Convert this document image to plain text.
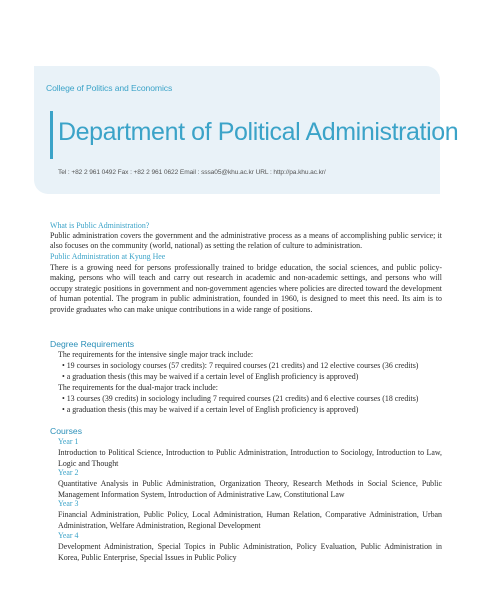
College of Politics and Economics
Department of Political Administration
Tel : +82 2 961 0492 Fax : +82 2 961 0622 Email : sssa05@khu.ac.kr URL : http://pa.khu.ac.kr/
What is Public Administration?
Public administration covers the government and the administrative process as a means of accomplishing public service; it also focuses on the community (world, national) as setting the relation of culture to administration.
Public Administration at Kyung Hee
There is a growing need for persons professionally trained to bridge education, the social sciences, and public policy-making, persons who will teach and carry out research in academic and non-academic settings, and persons who will occupy strategic positions in government and non-government agencies where policies are directed toward the development of human potential. The program in public administration, founded in 1960, is designed to meet this need. Its aim is to provide graduates who can make unique contributions in a wide range of positions.
Degree Requirements
The requirements for the intensive single major track include:
• 19 courses in sociology courses (57 credits): 7 required courses (21 credits) and 12 elective courses (36 credits)
• a graduation thesis (this may be waived if a certain level of English proficiency is approved)
The requirements for the dual-major track include:
• 13 courses (39 credits) in sociology including 7 required courses (21 credits) and 6 elective courses (18 credits)
• a graduation thesis (this may be waived if a certain level of English proficiency is approved)
Courses
Year 1
Introduction to Political Science, Introduction to Public Administration, Introduction to Sociology, Introduction to Law, Logic and Thought
Year 2
Quantitative Analysis in Public Administration, Organization Theory, Research Methods in Social Science, Public Management Information System, Introduction of Administrative Law, Constitutional Law
Year 3
Financial Administration, Public Policy, Local Administration, Human Relation, Comparative Administration, Urban Administration, Welfare Administration, Regional Development
Year 4
Development Administration, Special Topics in Public Administration, Policy Evaluation, Public Administration in Korea, Public Enterprise, Special Issues in Public Policy
